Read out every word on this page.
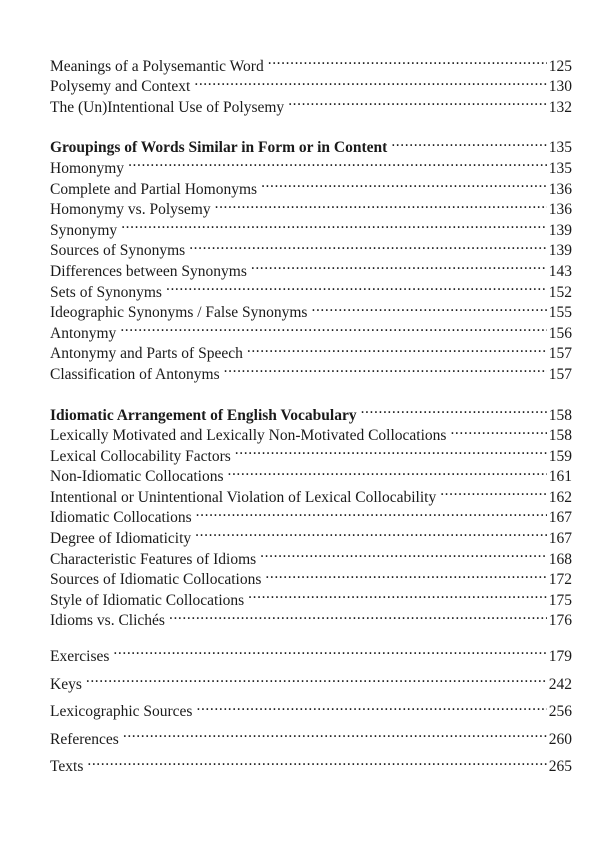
Meanings of a Polysemantic Word .....	125
Polysemy and Context .....	130
The (Un)Intentional Use of Polysemy .....	132
Groupings of Words Similar in Form or in Content .....	135
Homonymy .....	135
Complete and Partial Homonyms .....	136
Homonymy vs. Polysemy .....	136
Synonymy .....	139
Sources of Synonyms .....	139
Differences between Synonyms .....	143
Sets of Synonyms .....	152
Ideographic Synonyms / False Synonyms .....	155
Antonymy .....	156
Antonymy and Parts of Speech .....	157
Classification of Antonyms .....	157
Idiomatic Arrangement of English Vocabulary .....	158
Lexically Motivated and Lexically Non-Motivated Collocations .....	158
Lexical Collocability Factors .....	159
Non-Idiomatic Collocations .....	161
Intentional or Unintentional Violation of Lexical Collocability .....	162
Idiomatic Collocations .....	167
Degree of Idiomaticity .....	167
Characteristic Features of Idioms .....	168
Sources of Idiomatic Collocations .....	172
Style of Idiomatic Collocations .....	175
Idioms vs. Clichés .....	176
Exercises .....	179
Keys .....	242
Lexicographic Sources .....	256
References .....	260
Texts .....	265
